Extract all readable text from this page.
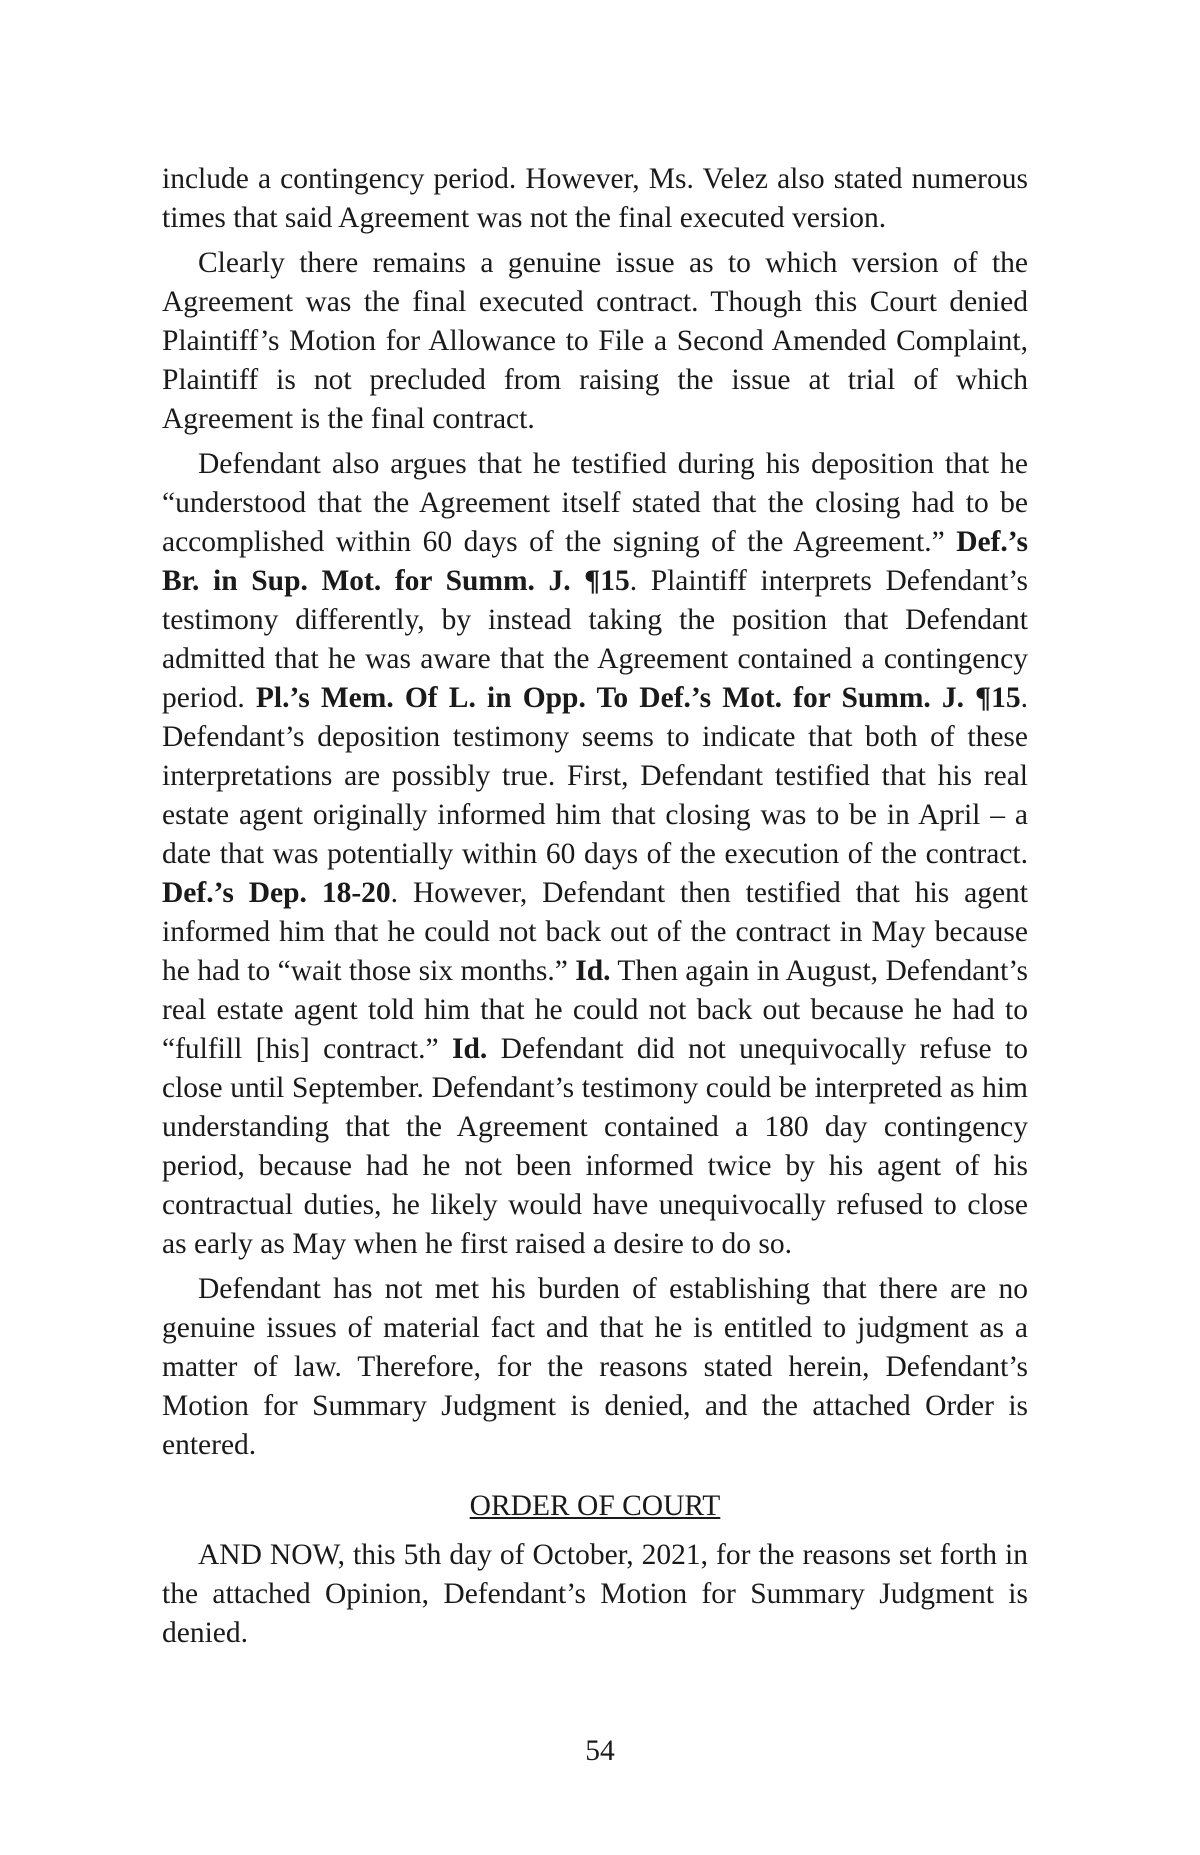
include a contingency period. However, Ms. Velez also stated numerous times that said Agreement was not the final executed version.

Clearly there remains a genuine issue as to which version of the Agreement was the final executed contract. Though this Court denied Plaintiff’s Motion for Allowance to File a Second Amended Complaint, Plaintiff is not precluded from raising the issue at trial of which Agreement is the final contract.

Defendant also argues that he testified during his deposition that he “understood that the Agreement itself stated that the closing had to be accomplished within 60 days of the signing of the Agreement.” Def.’s Br. in Sup. Mot. for Summ. J. ¶15. Plaintiff interprets Defendant’s testimony differently, by instead taking the position that Defendant admitted that he was aware that the Agreement contained a contingency period. Pl.’s Mem. Of L. in Opp. To Def.’s Mot. for Summ. J. ¶15. Defendant’s deposition testimony seems to indicate that both of these interpretations are possibly true. First, Defendant testified that his real estate agent originally informed him that closing was to be in April – a date that was potentially within 60 days of the execution of the contract. Def.’s Dep. 18-20. However, Defendant then testified that his agent informed him that he could not back out of the contract in May because he had to “wait those six months.” Id. Then again in August, Defendant’s real estate agent told him that he could not back out because he had to “fulfill [his] contract.” Id. Defendant did not unequivocally refuse to close until September. Defendant’s testimony could be interpreted as him understanding that the Agreement contained a 180 day contingency period, because had he not been informed twice by his agent of his contractual duties, he likely would have unequivocally refused to close as early as May when he first raised a desire to do so.

Defendant has not met his burden of establishing that there are no genuine issues of material fact and that he is entitled to judgment as a matter of law. Therefore, for the reasons stated herein, Defendant’s Motion for Summary Judgment is denied, and the attached Order is entered.

ORDER OF COURT

AND NOW, this 5th day of October, 2021, for the reasons set forth in the attached Opinion, Defendant’s Motion for Summary Judgment is denied.

54
